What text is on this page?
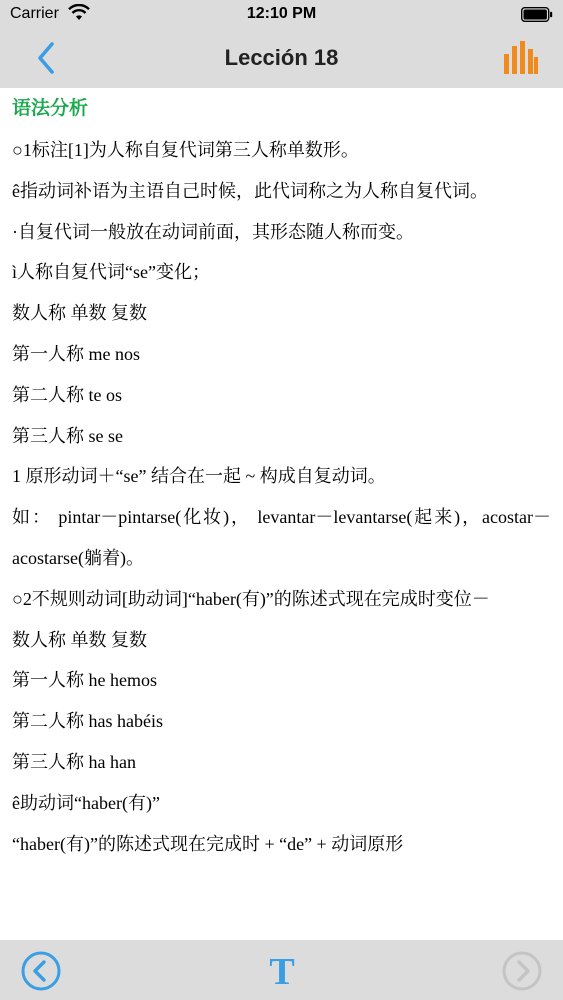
Carrier	12:10 PM
Lección 18
语法分析
○1标注[1]为人称自复代词第三人称单数形。
ê指动词补语为主语自己时候，此代词称之为人称自复代词。
·自复代词一般放在动词前面，其形态随人称而变。
ì人称自复代词“se”变化；
数人称 单数 复数
第一人称 me nos
第二人称 te os
第三人称 se se
1 原形动词＋“se” 结合在一起 ~ 构成自复动词。
如： pintar－pintarse(化妆)， levantar－levantarse(起来)，acostar－acostarse(躺着)。
○2不规则动词[助动词]“haber(有)”的陈述式现在完成时变位－
数人称 单数 复数
第一人称 he hemos
第二人称 has habéis
第三人称 ha han
ê助动词“haber(有)”
“haber(有)”的陈述式现在完成时 + “de” + 动词原形
T
